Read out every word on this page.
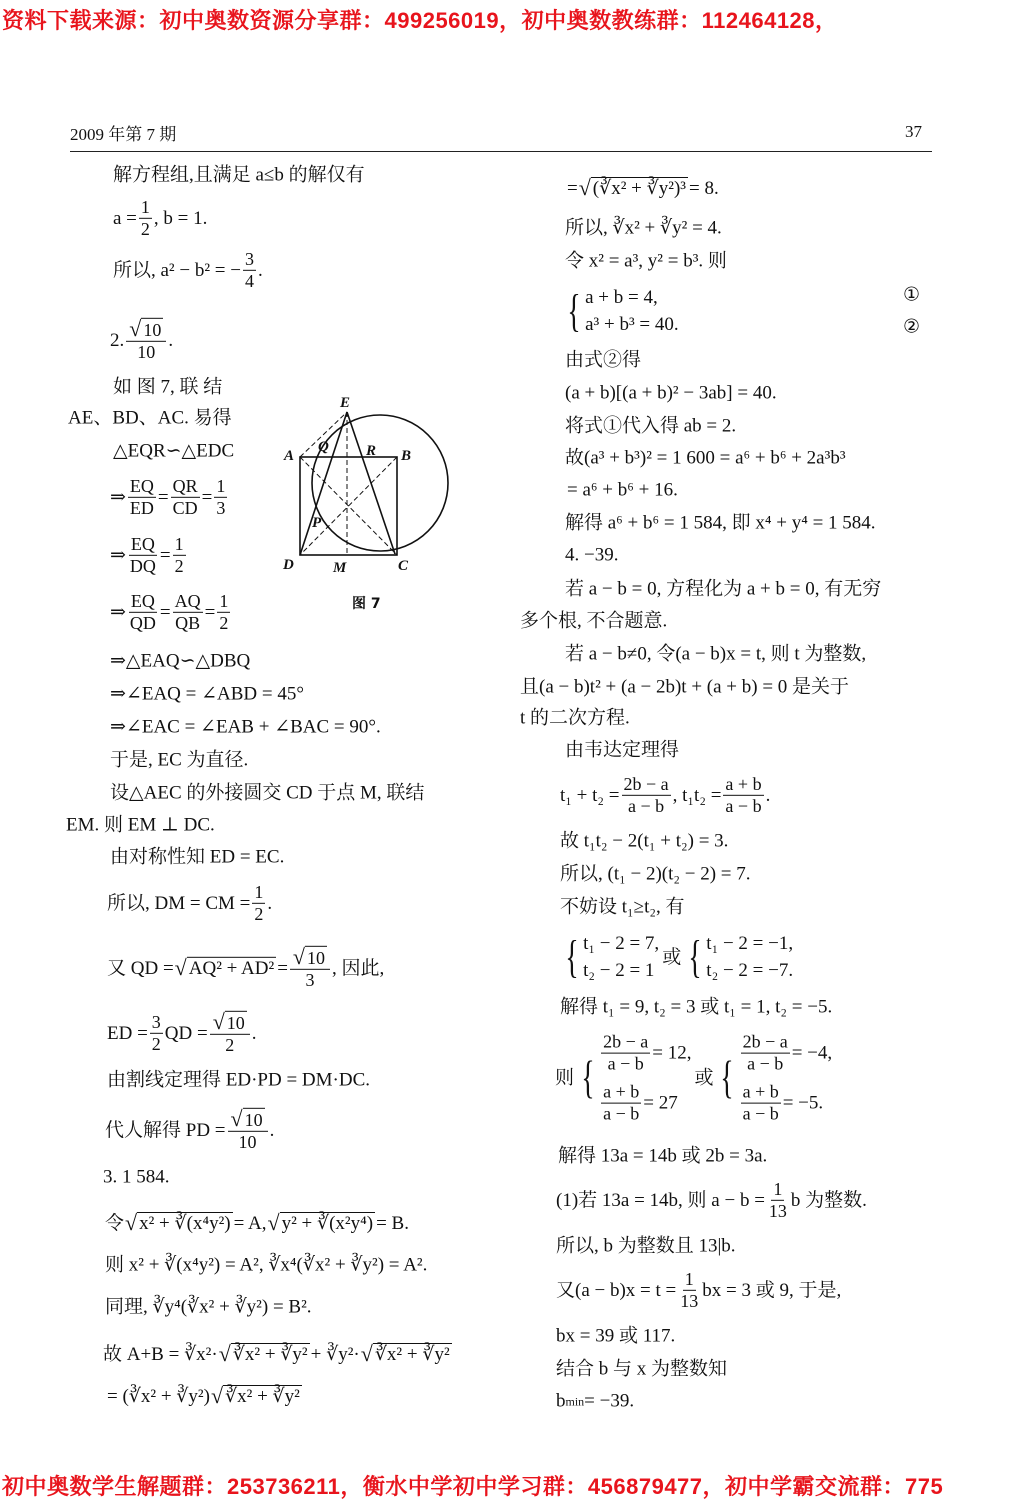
资料下载来源：初中奥数资源分享群：499256019，初中奥数教练群：112464128，
初中奥数学生解题群：253736211，衡水中学初中学习群：456879477，初中学霸交流群：775
2009 年第 7 期	37
解方程组,且满足 a≤b 的解仅有
$a = \frac{1}{2}$ , b = 1.
所以, a² − b² = − $\frac{3}{4}$ .
2. $\frac{√ 10}{10}$ .
如 图 7, 联 结
AE、BD、AC. 易得
△EQR∽△EDC
⇒ $\frac{EQ}{ED} = \frac{QR}{CD} = \frac{1}{3}$
⇒ $\frac{EQ}{DQ} = \frac{1}{2}$
⇒ $\frac{EQ}{QD} = \frac{AQ}{QB} = \frac{1}{2}$
⇒△EAQ∽△DBQ
⇒∠EAQ = ∠ABD = 45°
⇒∠EAC = ∠EAB + ∠BAC = 90°.
于是, EC 为直径.
设△AEC 的外接圆交 CD 于点 M, 联结
EM. 则 EM ⊥ DC.
由对称性知 ED = EC.
所以, DM = CM = $\frac{1}{2}$ .
又 QD = √ $AQ^2 + AD^2 = \frac{√ 10}{3}$ , 因此,
ED = $\frac{3}{2}$ QD = $\frac{√ 10}{2}$ .
由割线定理得 ED·PD = DM·DC.
代人解得 PD = $\frac{√ 10}{10}$ .
3. 1 584.
令 √ x² + ∛(x⁴y²) = A, √ y² + ∛(x²y⁴) = B.
则 x² + ∛(x⁴y²) = A², ∛x⁴(∛x² + ∛y²) = A².
同理, ∛y⁴(∛x² + ∛y²) = B².
故 A+B = ∛x²· √ ∛x² + ∛y² + ∛y²· √ ∛x² + ∛y²
= (∛x² + ∛y²) √ ∛x² + ∛y²
= √ (∛x² + ∛y²)³ = 8.
所以, ∛x² + ∛y² = 4.
令 x² = a³, y² = b³. 则
{ a + b = 4,
a³ + b³ = 40.
①
②
由式②得
(a + b)[(a + b)² − 3ab] = 40.
将式①代入得 ab = 2.
故(a³ + b³)² = 1 600 = a⁶ + b⁶ + 2a³b³
= a⁶ + b⁶ + 16.
解得 a⁶ + b⁶ = 1 584, 即 x⁴ + y⁴ = 1 584.
4. −39.
若 a − b = 0, 方程化为 a + b = 0, 有无穷
多个根, 不合题意.
若 a − b≠0, 令(a − b)x = t, 则 t 为整数,
且(a − b)t² + (a − 2b)t + (a + b) = 0 是关于
t 的二次方程.
由韦达定理得
$t_1 + t_2 = \frac{2b - a}{a - b}$ , $t_1t_2 = \frac{a + b}{a - b}$ .
故 t₁t₂ − 2(t₁ + t₂) = 3.
所以, (t₁ − 2)(t₂ − 2) = 7.
不妨设 t₁≥t₂, 有
{ t₁ − 2 = 7,
t₂ − 2 = 1
或 { t₁ − 2 = −1,
t₂ − 2 = −7.
解得 t₁ = 9, t₂ = 3 或 t₁ = 1, t₂ = −5.
则 { $\frac{2b - a}{a - b} = 12$,
$\frac{a + b}{a - b} = 27$
或 { $\frac{2b - a}{a - b} = -4$,
$\frac{a + b}{a - b} = -5$.
解得 13a = 14b 或 2b = 3a.
(1)若 13a = 14b, 则 $a - b = \frac{1}{13}$ b 为整数.
所以, b 为整数且 13|b.
又$(a - b)x = t = \frac{1}{13}$ bx = 3 或 9, 于是,
bx = 39 或 117.
结合 b 与 x 为整数知
b min = −39.
E
A
Q R B
P
D	M	C
图 7
